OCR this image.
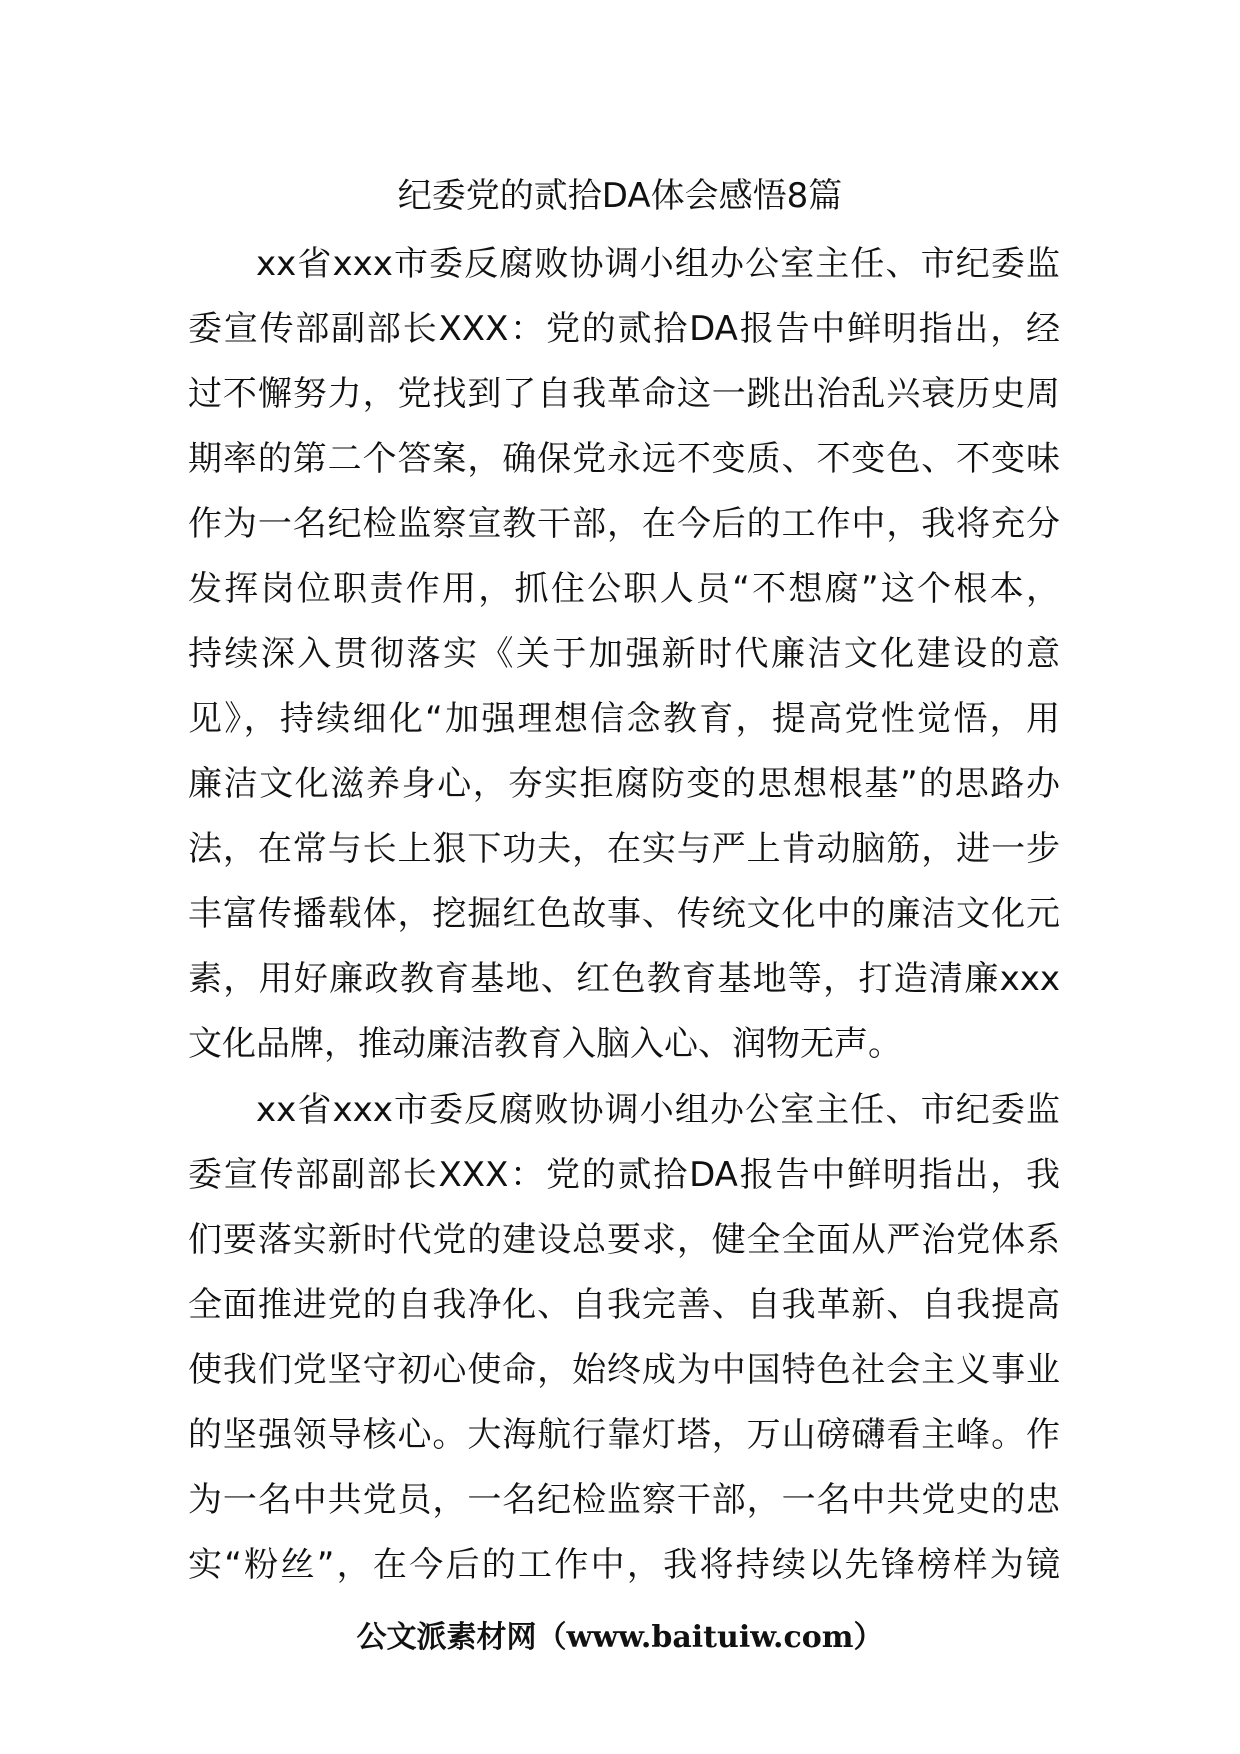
纪委党的贰拾DA体会感悟8篇
xx省xxx市委反腐败协调小组办公室主任、市纪委监
委宣传部副部长XXX：党的贰拾DA报告中鲜明指出，经
过不懈努力，党找到了自我革命这一跳出治乱兴衰历史周
期率的第二个答案，确保党永远不变质、不变色、不变味
作为一名纪检监察宣教干部，在今后的工作中，我将充分
发挥岗位职责作用，抓住公职人员“不想腐”这个根本，
持续深入贯彻落实《关于加强新时代廉洁文化建设的意
见》，持续细化“加强理想信念教育，提高党性觉悟，用
廉洁文化滋养身心，夯实拒腐防变的思想根基”的思路办
法，在常与长上狠下功夫，在实与严上肯动脑筋，进一步
丰富传播载体，挖掘红色故事、传统文化中的廉洁文化元
素，用好廉政教育基地、红色教育基地等，打造清廉xxx
文化品牌，推动廉洁教育入脑入心、润物无声。
xx省xxx市委反腐败协调小组办公室主任、市纪委监
委宣传部副部长XXX：党的贰拾DA报告中鲜明指出，我
们要落实新时代党的建设总要求，健全全面从严治党体系
全面推进党的自我净化、自我完善、自我革新、自我提高
使我们党坚守初心使命，始终成为中国特色社会主义事业
的坚强领导核心。大海航行靠灯塔，万山磅礴看主峰。作
为一名中共党员，一名纪检监察干部，一名中共党史的忠
实“粉丝”，在今后的工作中，我将持续以先锋榜样为镜
公文派素材网（www.baituiw.com）
